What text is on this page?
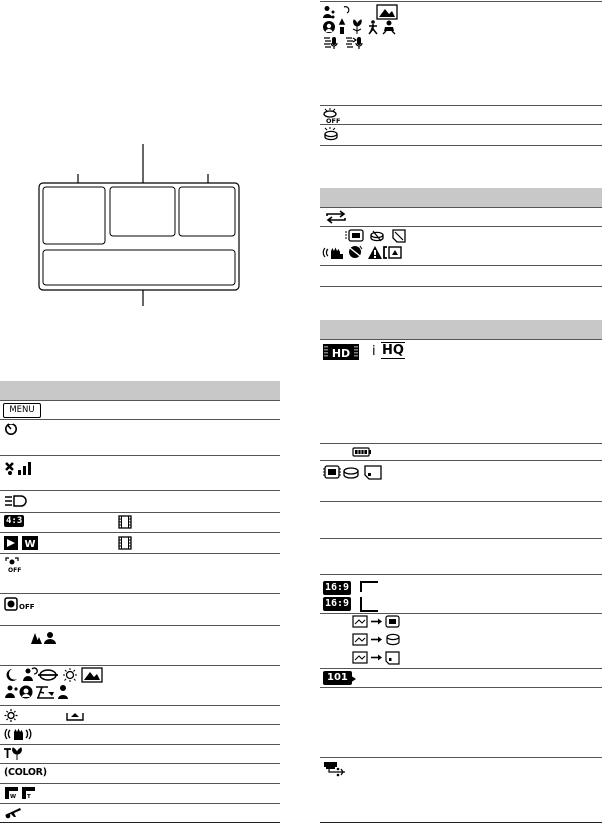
MENU
4:3
W
OFF
OFF
(COLOR)
W T
OFF
HD i HQ
16:9
16:9
101
